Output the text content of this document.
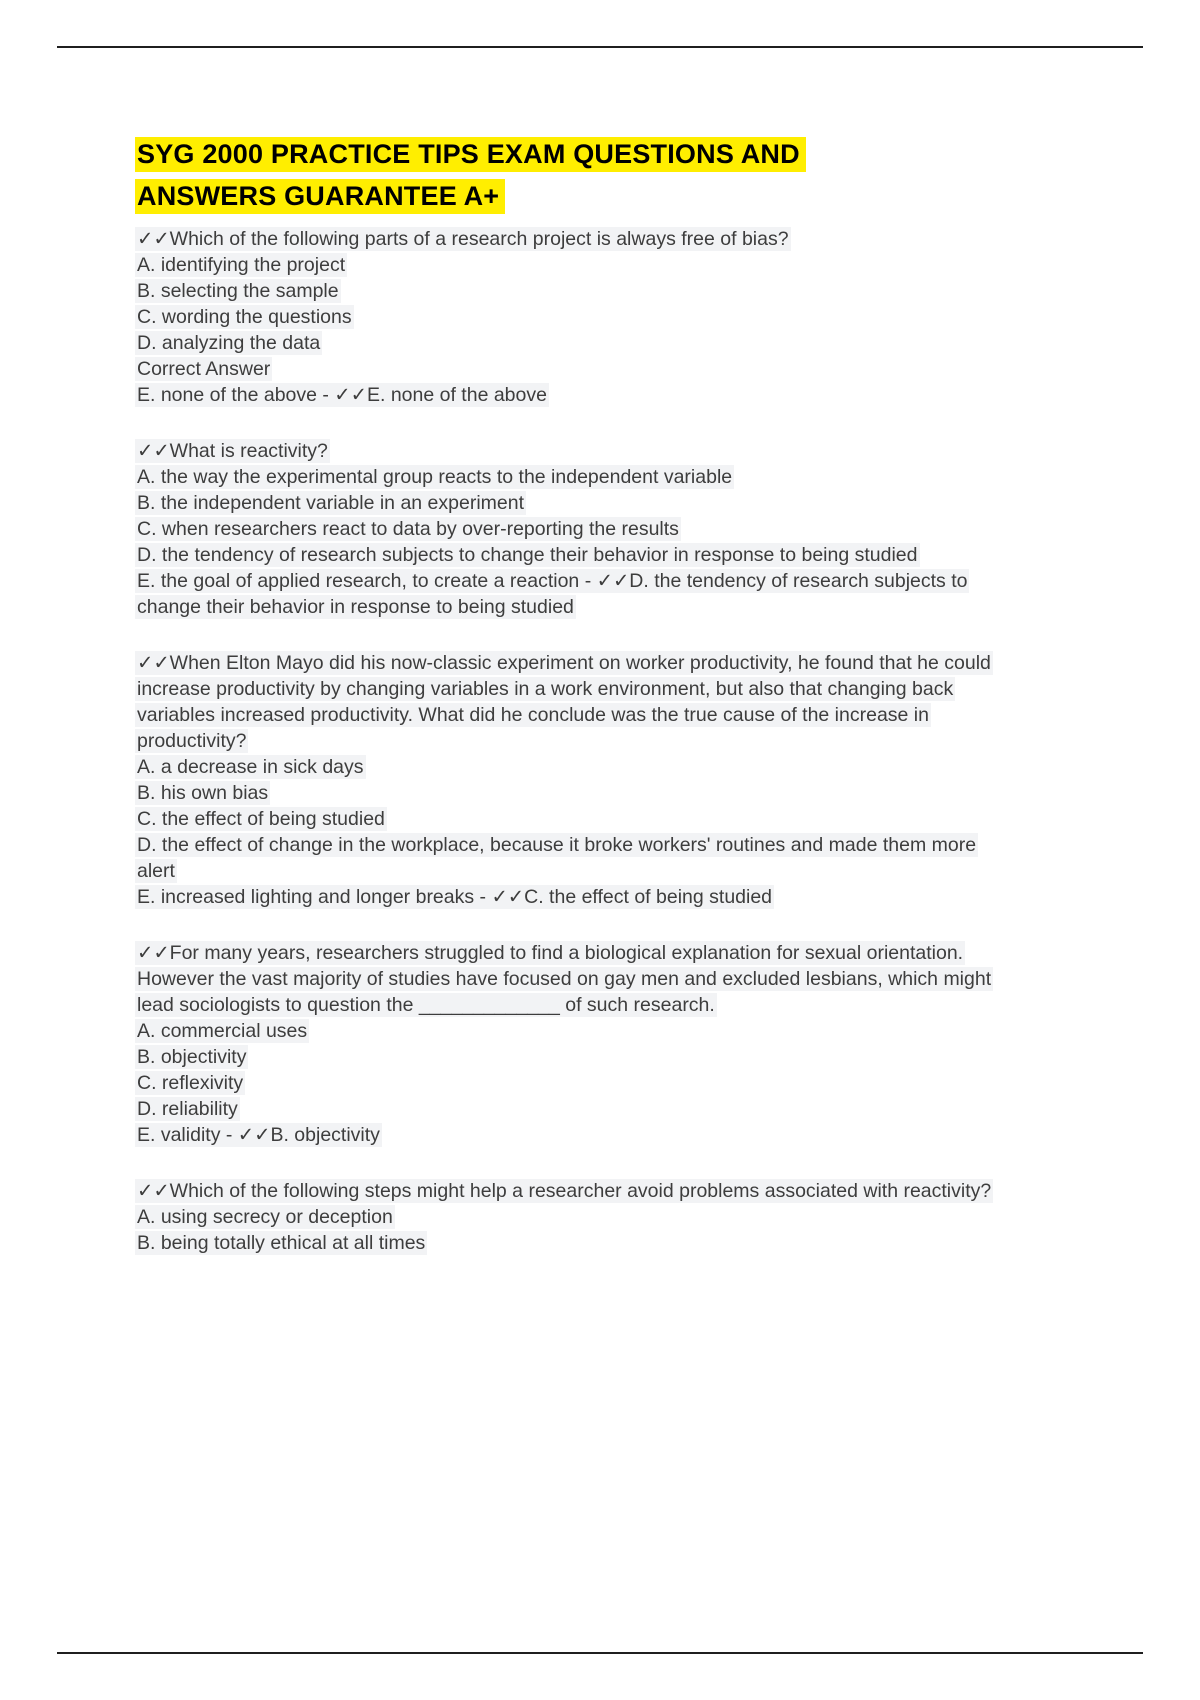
SYG 2000 PRACTICE TIPS EXAM QUESTIONS AND
ANSWERS GUARANTEE A+
✓✓Which of the following parts of a research project is always free of bias?
A. identifying the project
B. selecting the sample
C. wording the questions
D. analyzing the data
Correct Answer
E. none of the above - ✓✓E. none of the above
✓✓What is reactivity?
A. the way the experimental group reacts to the independent variable
B. the independent variable in an experiment
C. when researchers react to data by over-reporting the results
D. the tendency of research subjects to change their behavior in response to being studied
E. the goal of applied research, to create a reaction - ✓✓D. the tendency of research subjects to change their behavior in response to being studied
✓✓When Elton Mayo did his now-classic experiment on worker productivity, he found that he could increase productivity by changing variables in a work environment, but also that changing back variables increased productivity. What did he conclude was the true cause of the increase in productivity?
A. a decrease in sick days
B. his own bias
C. the effect of being studied
D. the effect of change in the workplace, because it broke workers' routines and made them more alert
E. increased lighting and longer breaks - ✓✓C. the effect of being studied
✓✓For many years, researchers struggled to find a biological explanation for sexual orientation. However the vast majority of studies have focused on gay men and excluded lesbians, which might lead sociologists to question the _____________ of such research.
A. commercial uses
B. objectivity
C. reflexivity
D. reliability
E. validity - ✓✓B. objectivity
✓✓Which of the following steps might help a researcher avoid problems associated with reactivity?
A. using secrecy or deception
B. being totally ethical at all times
